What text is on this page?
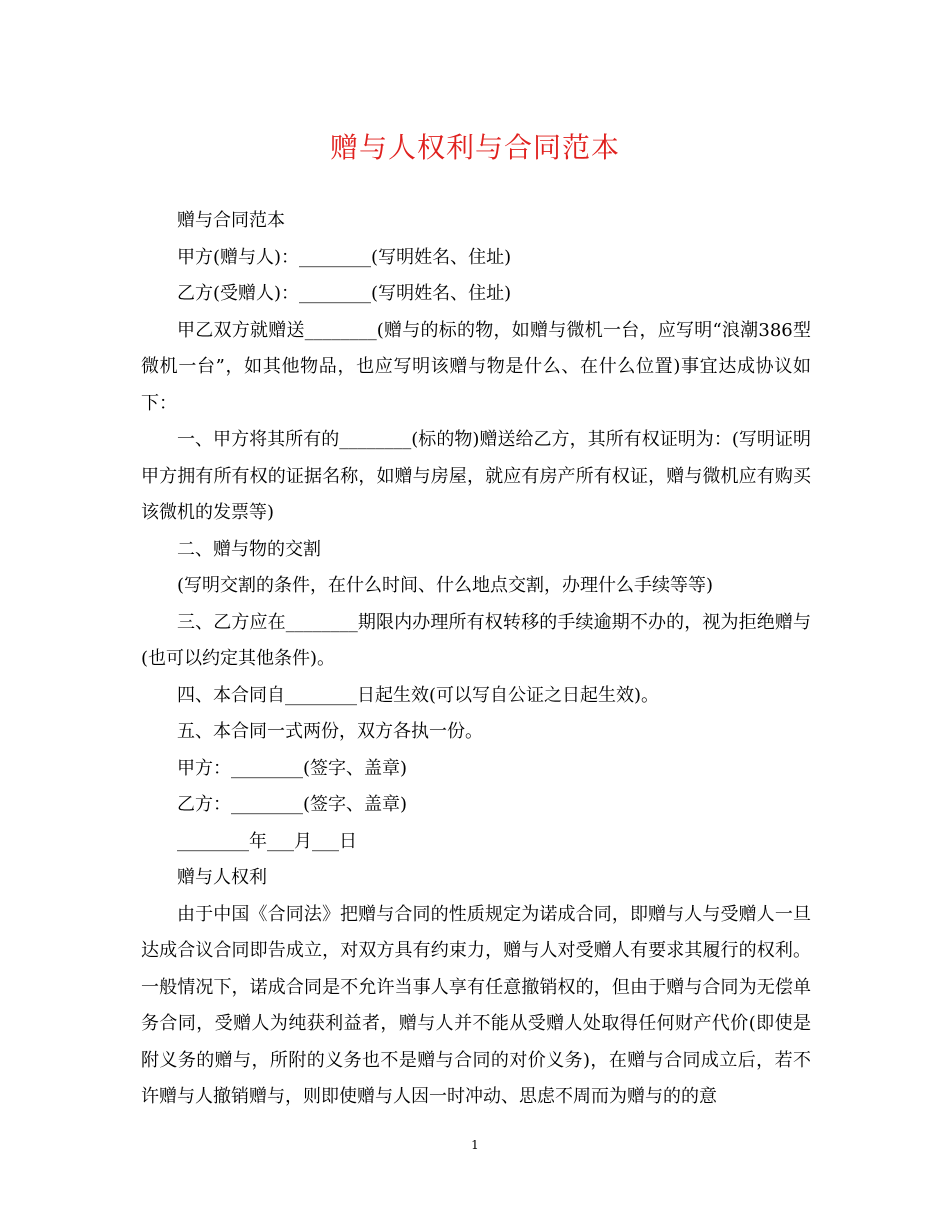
赠与人权利与合同范本

赠与合同范本

甲方(赠与人)：________(写明姓名、住址)

乙方(受赠人)：________(写明姓名、住址)

甲乙双方就赠送________(赠与的标的物，如赠与微机一台，应写明“浪潮386型微机一台”，如其他物品，也应写明该赠与物是什么、在什么位置)事宜达成协议如下：

一、甲方将其所有的________(标的物)赠送给乙方，其所有权证明为：(写明证明甲方拥有所有权的证据名称，如赠与房屋，就应有房产所有权证，赠与微机应有购买该微机的发票等)

二、赠与物的交割

(写明交割的条件，在什么时间、什么地点交割，办理什么手续等等)

三、乙方应在________期限内办理所有权转移的手续逾期不办的，视为拒绝赠与(也可以约定其他条件)。

四、本合同自________日起生效(可以写自公证之日起生效)。

五、本合同一式两份，双方各执一份。

甲方：________(签字、盖章)

乙方：________(签字、盖章)

________年___月___日

赠与人权利

由于中国《合同法》把赠与合同的性质规定为诺成合同，即赠与人与受赠人一旦达成合议合同即告成立，对双方具有约束力，赠与人对受赠人有要求其履行的权利。一般情况下，诺成合同是不允许当事人享有任意撤销权的，但由于赠与合同为无偿单务合同，受赠人为纯获利益者，赠与人并不能从受赠人处取得任何财产代价(即使是附义务的赠与，所附的义务也不是赠与合同的对价义务)，在赠与合同成立后，若不许赠与人撤销赠与，则即使赠与人因一时冲动、思虑不周而为赠与的的意

1
